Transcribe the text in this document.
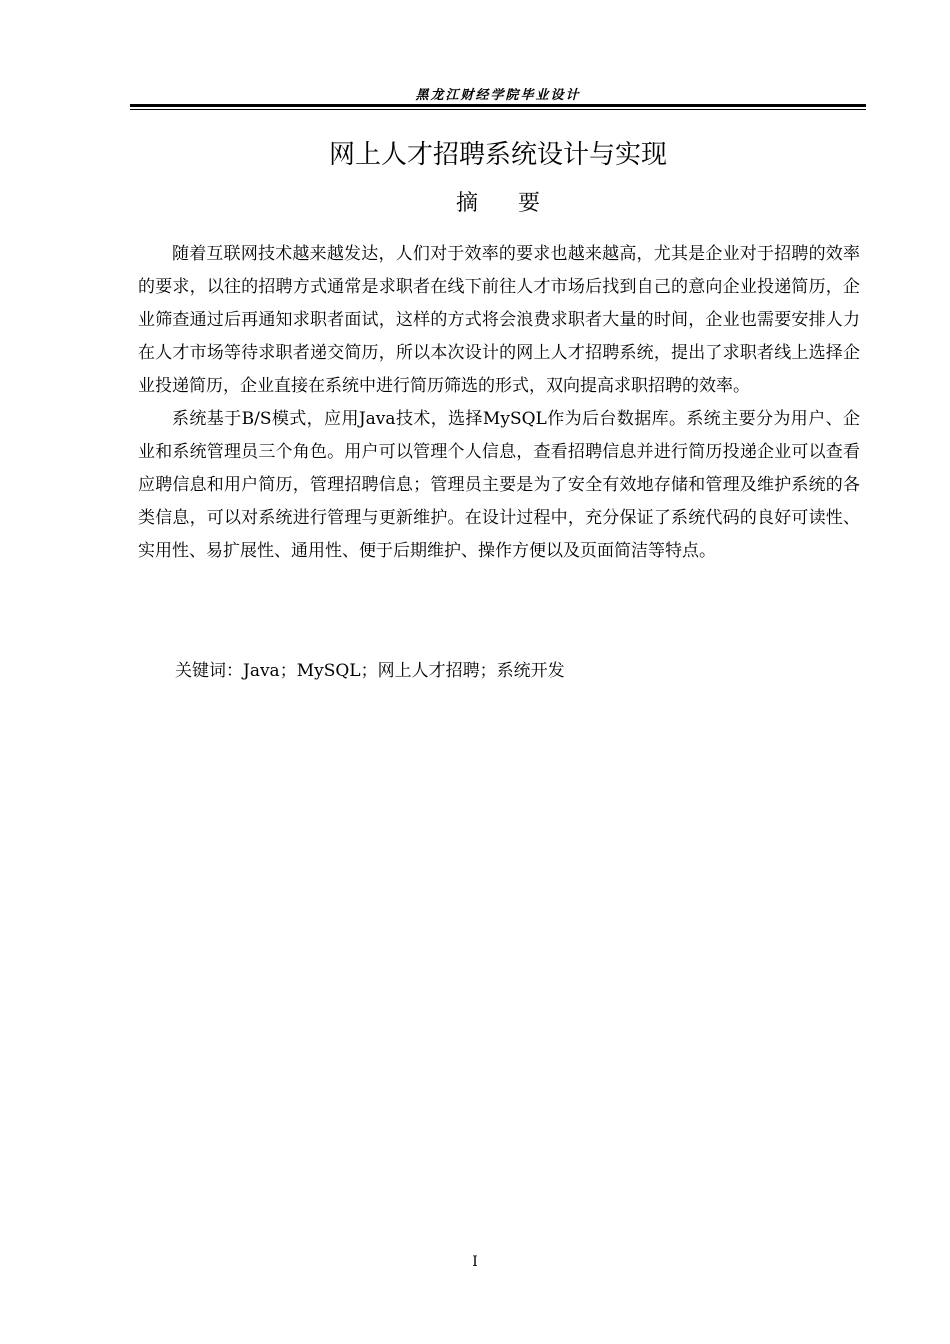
黑龙江财经学院毕业设计
网上人才招聘系统设计与实现
摘要

随着互联网技术越来越发达，人们对于效率的要求也越来越高，尤其是企业对于招聘的效率的要求，以往的招聘方式通常是求职者在线下前往人才市场后找到自己的意向企业投递简历，企业筛查通过后再通知求职者面试，这样的方式将会浪费求职者大量的时间，企业也需要安排人力在人才市场等待求职者递交简历，所以本次设计的网上人才招聘系统，提出了求职者线上选择企业投递简历，企业直接在系统中进行简历筛选的形式，双向提高求职招聘的效率。

系统基于B/S模式，应用Java技术，选择MySQL作为后台数据库。系统主要分为用户、企业和系统管理员三个角色。用户可以管理个人信息，查看招聘信息并进行简历投递企业可以查看应聘信息和用户简历，管理招聘信息；管理员主要是为了安全有效地存储和管理及维护系统的各类信息，可以对系统进行管理与更新维护。在设计过程中，充分保证了系统代码的良好可读性、实用性、易扩展性、通用性、便于后期维护、操作方便以及页面简洁等特点。

关键词：Java；MySQL；网上人才招聘；系统开发
I
